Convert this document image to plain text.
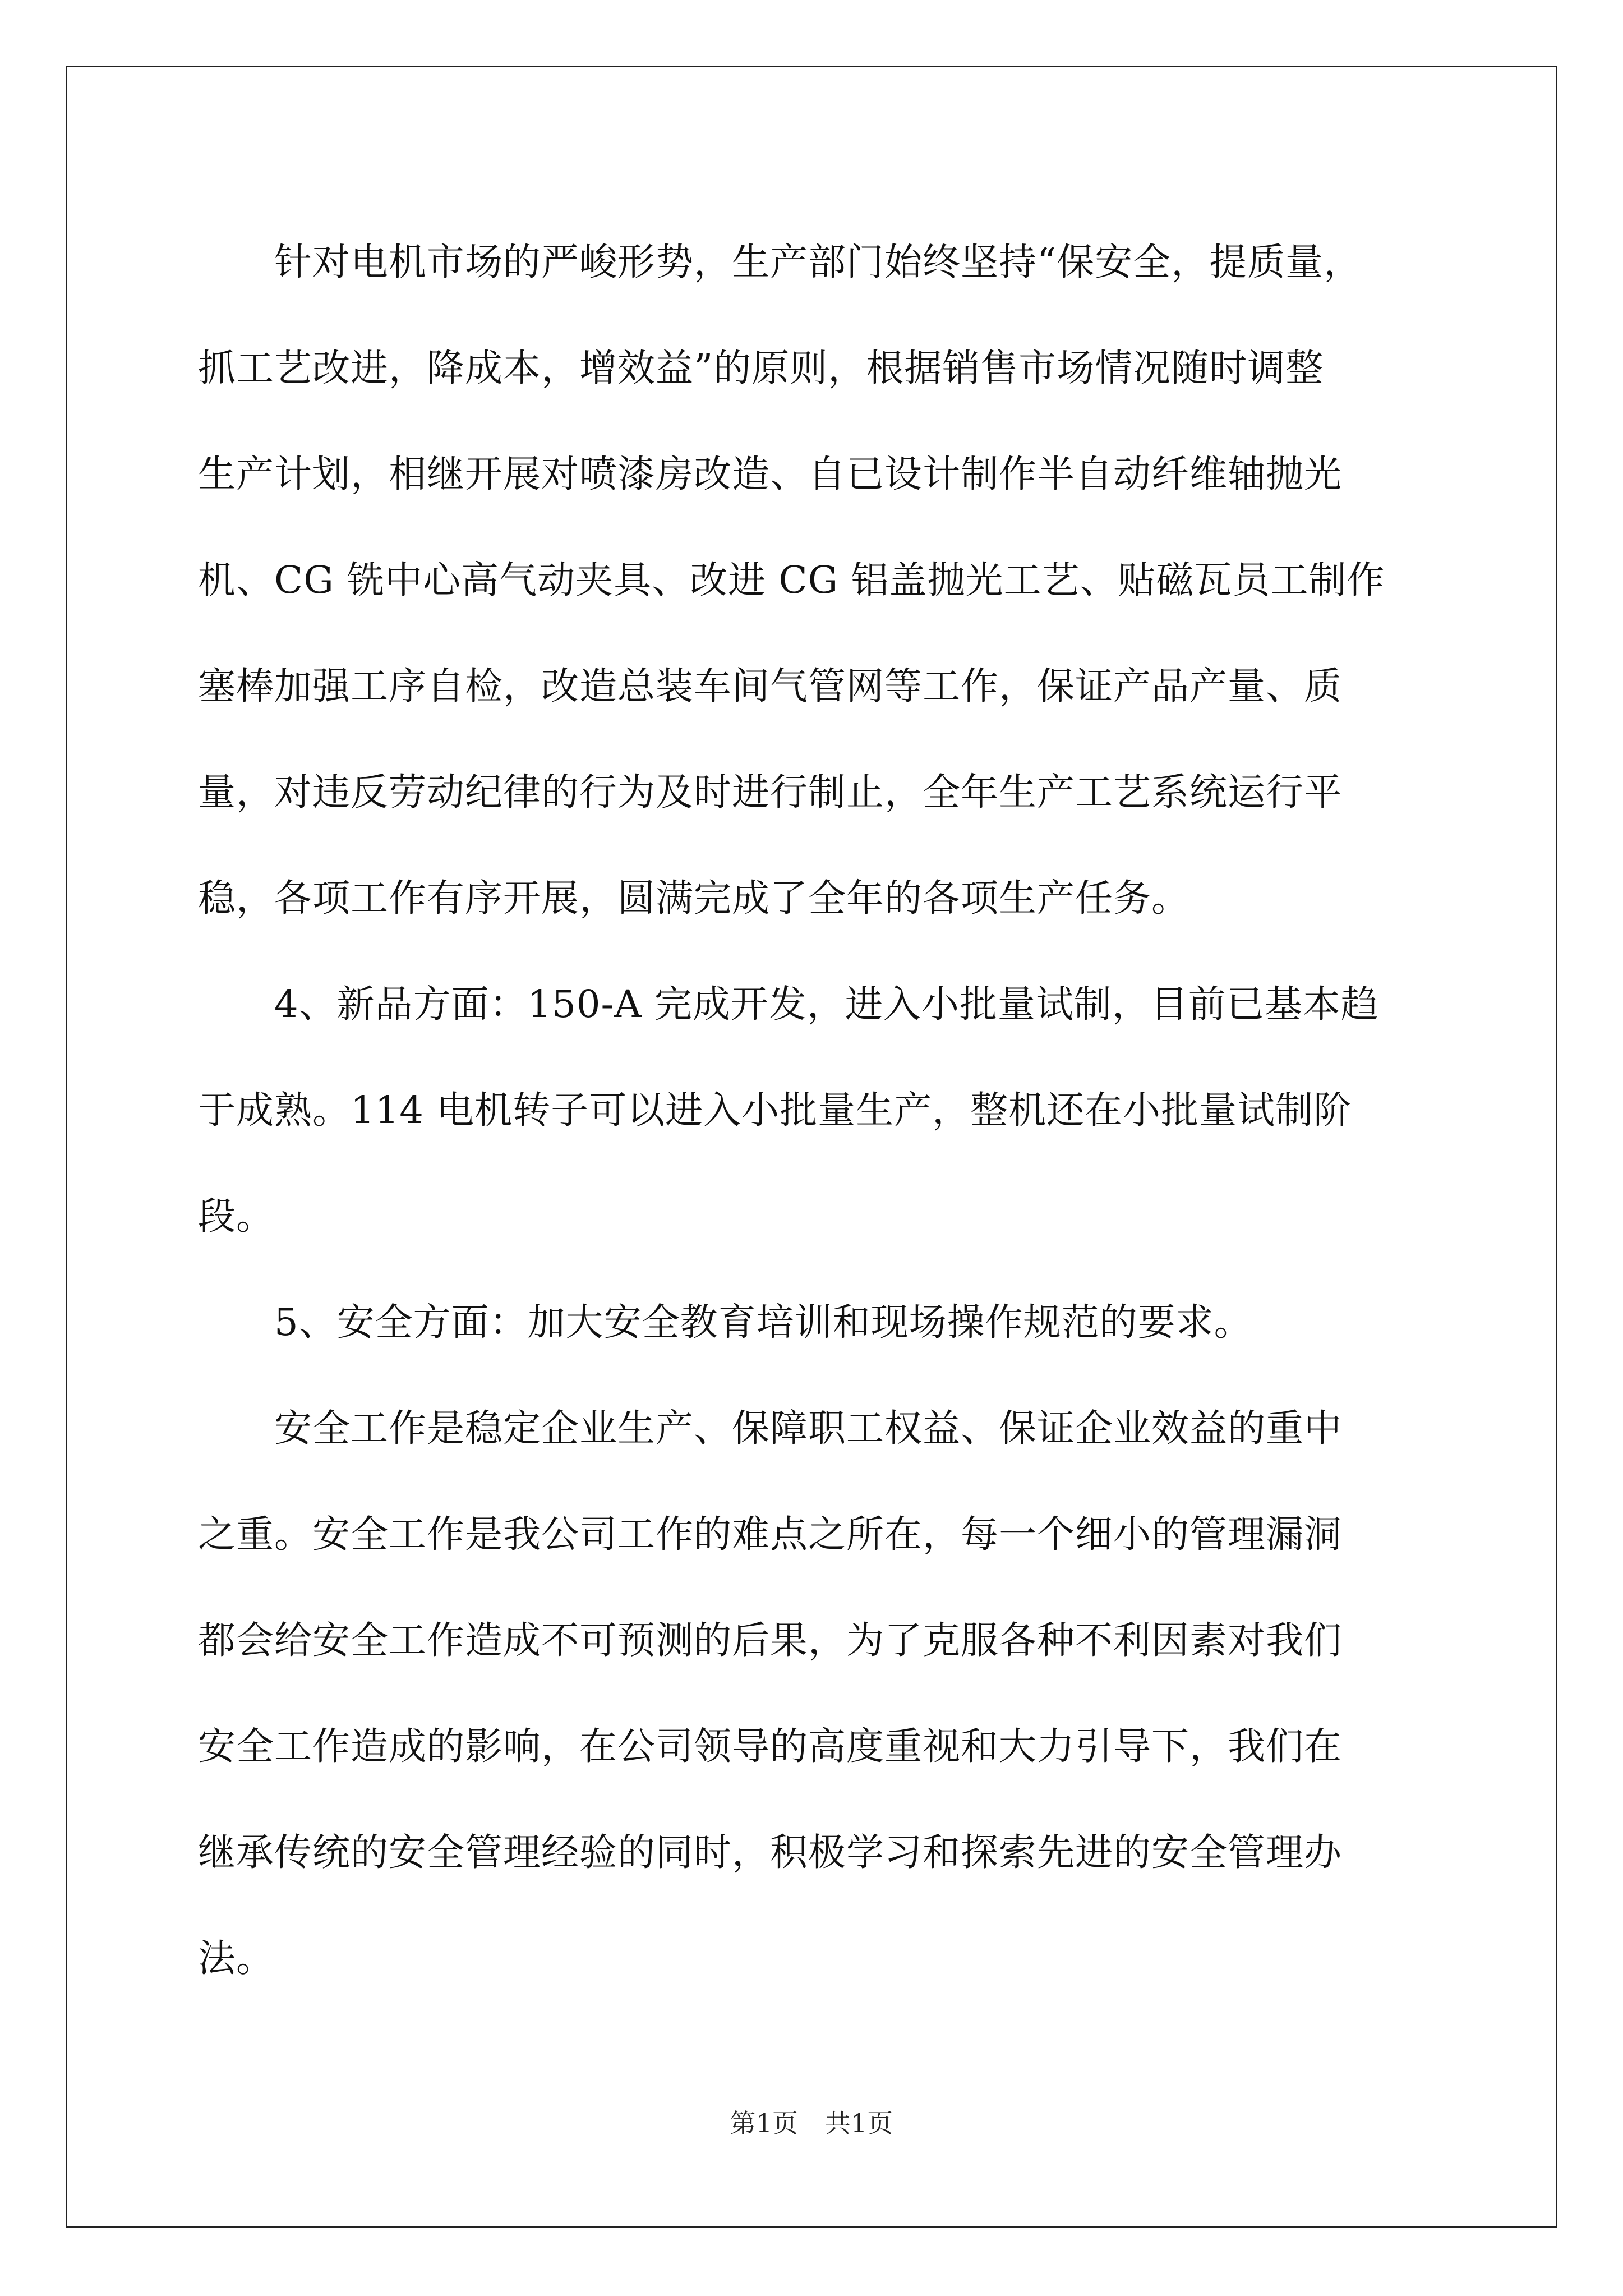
针对电机市场的严峻形势，生产部门始终坚持“保安全，提质量，
抓工艺改进，降成本，增效益”的原则，根据销售市场情况随时调整
生产计划，相继开展对喷漆房改造、自已设计制作半自动纤维轴抛光
机、CG 铣中心高气动夹具、改进 CG 铝盖抛光工艺、贴磁瓦员工制作
塞棒加强工序自检，改造总装车间气管网等工作，保证产品产量、质
量，对违反劳动纪律的行为及时进行制止，全年生产工艺系统运行平
稳，各项工作有序开展，圆满完成了全年的各项生产任务。

4、新品方面：150-A 完成开发，进入小批量试制，目前已基本趋
于成熟。114 电机转子可以进入小批量生产，整机还在小批量试制阶
段。

5、安全方面：加大安全教育培训和现场操作规范的要求。

安全工作是稳定企业生产、保障职工权益、保证企业效益的重中
之重。安全工作是我公司工作的难点之所在，每一个细小的管理漏洞
都会给安全工作造成不可预测的后果，为了克服各种不利因素对我们
安全工作造成的影响，在公司领导的高度重视和大力引导下，我们在
继承传统的安全管理经验的同时，积极学习和探索先进的安全管理办
法。

第1页 共1页
